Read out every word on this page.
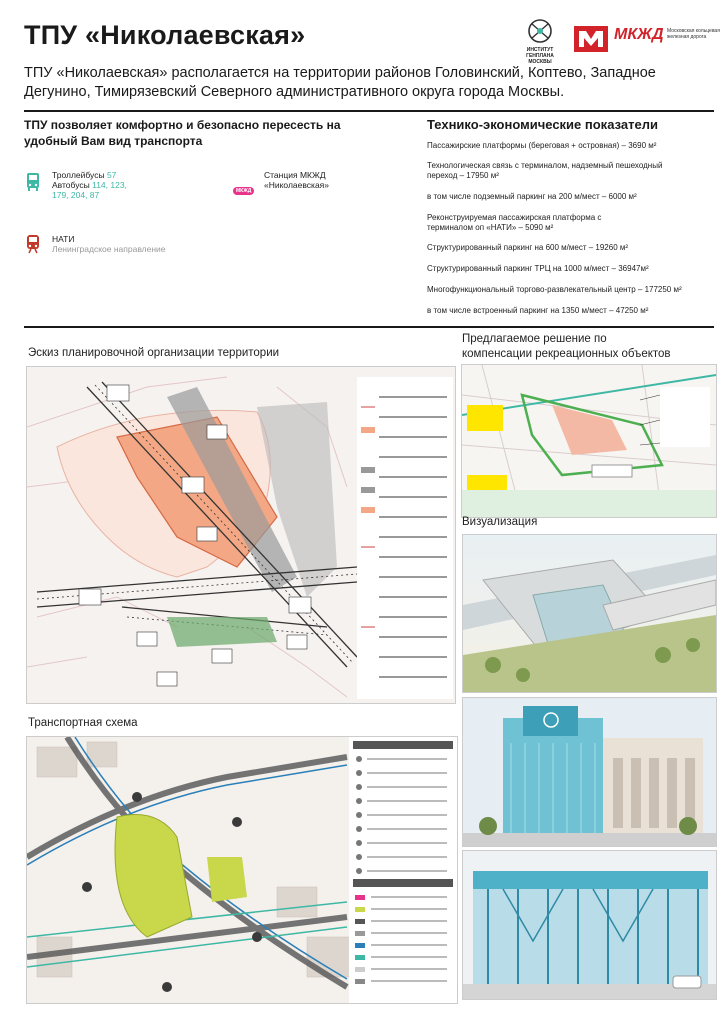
ТПУ «Николаевская»	ИНСТИТУТ ГЕНПЛАНА МОСКВЫ
МКЖД Московская кольцевая железная дорога
ТПУ «Николаевская» располагается на территории районов Головинский, Коптево, Западное Дегунино, Тимирязевский Северного административного округа города Москвы.
ТПУ позволяет комфортно и безопасно пересесть на удобный Вам вид транспорта
Троллейбусы 57
Автобусы 114, 123,
179, 204, 87	МКЖД
Станция МКЖД
«Николаевская»
НАТИ
Ленинградское направление
Технико-экономические показатели
Пассажирские платформы (береговая + островная) – 3690 м²
Технологическая связь с терминалом, надземный пешеходный переход – 17950 м²
в том числе подземный паркинг на 200 м/мест – 6000 м²
Реконструируемая пассажирская платформа с терминалом оп «НАТИ» – 5090 м²
Структурированный паркинг на 600 м/мест – 19260 м²
Структурированный паркинг ТРЦ на 1000 м/мест – 36947м²
Многофункциональный торгово-развлекательный центр – 177250 м²
в том числе встроенный паркинг на 1350 м/мест – 47250 м²
Эскиз планировочной организации территории
Предлагаемое решение по
компенсации рекреационных объектов
Визуализация
Транспортная схема
